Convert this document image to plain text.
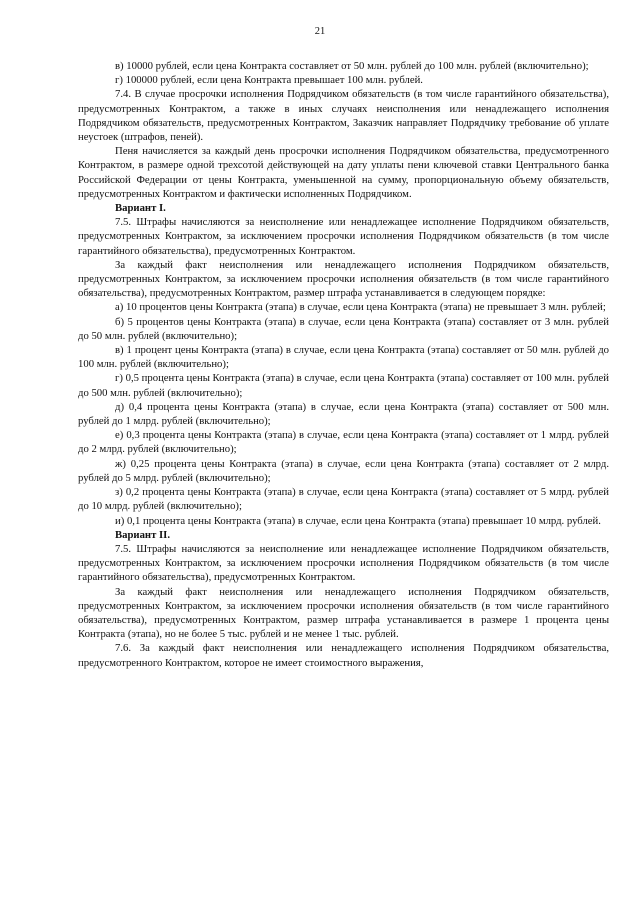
21

в) 10000 рублей, если цена Контракта составляет от 50 млн. рублей до 100 млн. рублей (включительно);

г) 100000 рублей, если цена Контракта превышает 100 млн. рублей.

7.4. В случае просрочки исполнения Подрядчиком обязательств (в том числе гарантийного обязательства), предусмотренных Контрактом, а также в иных случаях неисполнения или ненадлежащего исполнения Подрядчиком обязательств, предусмотренных Контрактом, Заказчик направляет Подрядчику требование об уплате неустоек (штрафов, пеней).

Пеня начисляется за каждый день просрочки исполнения Подрядчиком обязательства, предусмотренного Контрактом, в размере одной трехсотой действующей на дату уплаты пени ключевой ставки Центрального банка Российской Федерации от цены Контракта, уменьшенной на сумму, пропорциональную объему обязательств, предусмотренных Контрактом и фактически исполненных Подрядчиком.

Вариант I.

7.5. Штрафы начисляются за неисполнение или ненадлежащее исполнение Подрядчиком обязательств, предусмотренных Контрактом, за исключением просрочки исполнения Подрядчиком обязательств (в том числе гарантийного обязательства), предусмотренных Контрактом.

За каждый факт неисполнения или ненадлежащего исполнения Подрядчиком обязательств, предусмотренных Контрактом, за исключением просрочки исполнения обязательств (в том числе гарантийного обязательства), предусмотренных Контрактом, размер штрафа устанавливается в следующем порядке:

а) 10 процентов цены Контракта (этапа) в случае, если цена Контракта (этапа) не превышает 3 млн. рублей;

б) 5 процентов цены Контракта (этапа) в случае, если цена Контракта (этапа) составляет от 3 млн. рублей до 50 млн. рублей (включительно);

в) 1 процент цены Контракта (этапа) в случае, если цена Контракта (этапа) составляет от 50 млн. рублей до 100 млн. рублей (включительно);

г) 0,5 процента цены Контракта (этапа) в случае, если цена Контракта (этапа) составляет от 100 млн. рублей до 500 млн. рублей (включительно);

д) 0,4 процента цены Контракта (этапа) в случае, если цена Контракта (этапа) составляет от 500 млн. рублей до 1 млрд. рублей (включительно);

е) 0,3 процента цены Контракта (этапа) в случае, если цена Контракта (этапа) составляет от 1 млрд. рублей до 2 млрд. рублей (включительно);

ж) 0,25 процента цены Контракта (этапа) в случае, если цена Контракта (этапа) составляет от 2 млрд. рублей до 5 млрд. рублей (включительно);

з) 0,2 процента цены Контракта (этапа) в случае, если цена Контракта (этапа) составляет от 5 млрд. рублей до 10 млрд. рублей (включительно);

и) 0,1 процента цены Контракта (этапа) в случае, если цена Контракта (этапа) превышает 10 млрд. рублей.

Вариант II.

7.5. Штрафы начисляются за неисполнение или ненадлежащее исполнение Подрядчиком обязательств, предусмотренных Контрактом, за исключением просрочки исполнения Подрядчиком обязательств (в том числе гарантийного обязательства), предусмотренных Контрактом.

За каждый факт неисполнения или ненадлежащего исполнения Подрядчиком обязательств, предусмотренных Контрактом, за исключением просрочки исполнения обязательств (в том числе гарантийного обязательства), предусмотренных Контрактом, размер штрафа устанавливается в размере 1 процента цены Контракта (этапа), но не более 5 тыс. рублей и не менее 1 тыс. рублей.

7.6. За каждый факт неисполнения или ненадлежащего исполнения Подрядчиком обязательства, предусмотренного Контрактом, которое не имеет стоимостного выражения,
